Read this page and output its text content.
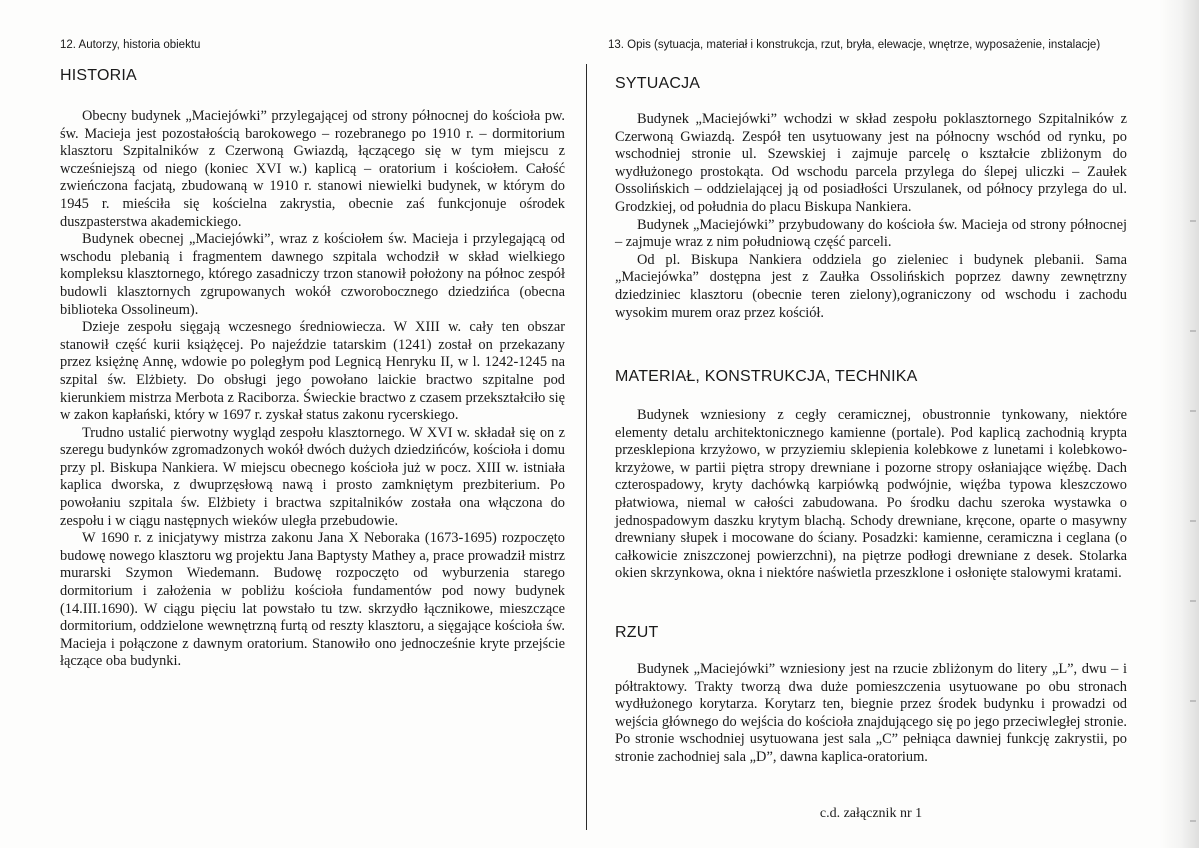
12. Autorzy, historia obiektu
HISTORIA

Obecny budynek „Maciejówki” przylegającej od strony północnej do kościoła pw. św. Macieja jest pozostałością barokowego – rozebranego po 1910 r. – dormitorium klasztoru Szpitalników z Czerwoną Gwiazdą, łączącego się w tym miejscu z wcześniejszą od niego (koniec XVI w.) kaplicą – oratorium i kościołem. Całość zwieńczona facjatą, zbudowaną w 1910 r. stanowi niewielki budynek, w którym do 1945 r. mieściła się kościelna zakrystia, obecnie zaś funkcjonuje ośrodek duszpasterstwa akademickiego.

Budynek obecnej „Maciejówki”, wraz z kościołem św. Macieja i przylegającą od wschodu plebanią i fragmentem dawnego szpitala wchodził w skład wielkiego kompleksu klasztornego, którego zasadniczy trzon stanowił położony na północ zespół budowli klasztornych zgrupowanych wokół czworobocznego dziedzińca (obecna biblioteka Ossolineum).

Dzieje zespołu sięgają wczesnego średniowiecza. W XIII w. cały ten obszar stanowił część kurii książęcej. Po najeździe tatarskim (1241) został on przekazany przez księżnę Annę, wdowie po poległym pod Legnicą Henryku II, w l. 1242-1245 na szpital św. Elżbiety. Do obsługi jego powołano laickie bractwo szpitalne pod kierunkiem mistrza Merbota z Raciborza. Świeckie bractwo z czasem przekształciło się w zakon kapłański, który w 1697 r. zyskał status zakonu rycerskiego.

Trudno ustalić pierwotny wygląd zespołu klasztornego. W XVI w. składał się on z szeregu budynków zgromadzonych wokół dwóch dużych dziedzińców, kościoła i domu przy pl. Biskupa Nankiera. W miejscu obecnego kościoła już w pocz. XIII w. istniała kaplica dworska, z dwuprzęsłową nawą i prosto zamkniętym prezbiterium. Po powołaniu szpitala św. Elżbiety i bractwa szpitalników została ona włączona do zespołu i w ciągu następnych wieków uległa przebudowie.

W 1690 r. z inicjatywy mistrza zakonu Jana X Neboraka (1673-1695) rozpoczęto budowę nowego klasztoru wg projektu Jana Baptysty Mathey a, prace prowadził mistrz murarski Szymon Wiedemann. Budowę rozpoczęto od wyburzenia starego dormitorium i założenia w pobliżu kościoła fundamentów pod nowy budynek (14.III.1690). W ciągu pięciu lat powstało tu tzw. skrzydło łącznikowe, mieszczące dormitorium, oddzielone wewnętrzną furtą od reszty klasztoru, a sięgające kościoła św. Macieja i połączone z dawnym oratorium. Stanowiło ono jednocześnie kryte przejście łączące oba budynki.

13. Opis (sytuacja, materiał i konstrukcja, rzut, bryła, elewacje, wnętrze, wyposażenie, instalacje)
SYTUACJA

Budynek „Maciejówki” wchodzi w skład zespołu poklasztornego Szpitalników z Czerwoną Gwiazdą. Zespół ten usytuowany jest na północny wschód od rynku, po wschodniej stronie ul. Szewskiej i zajmuje parcelę o kształcie zbliżonym do wydłużonego prostokąta. Od wschodu parcela przylega do ślepej uliczki – Zaułek Ossolińskich – oddzielającej ją od posiadłości Urszulanek, od północy przylega do ul. Grodzkiej, od południa do placu Biskupa Nankiera.

Budynek „Maciejówki” przybudowany do kościoła św. Macieja od strony północnej – zajmuje wraz z nim południową część parceli.

Od pl. Biskupa Nankiera oddziela go zieleniec i budynek plebanii. Sama „Maciejówka” dostępna jest z Zaułka Ossolińskich poprzez dawny zewnętrzny dziedziniec klasztoru (obecnie teren zielony),ograniczony od wschodu i zachodu wysokim murem oraz przez kościół.

MATERIAŁ, KONSTRUKCJA, TECHNIKA

Budynek wzniesiony z cegły ceramicznej, obustronnie tynkowany, niektóre elementy detalu architektonicznego kamienne (portale). Pod kaplicą zachodnią krypta przesklepiona krzyżowo, w przyziemiu sklepienia kolebkowe z lunetami i kolebkowo-krzyżowe, w partii piętra stropy drewniane i pozorne stropy osłaniające więźbę. Dach czterospadowy, kryty dachówką karpiówką podwójnie, więźba typowa kleszczowo płatwiowa, niemal w całości zabudowana. Po środku dachu szeroka wystawka o jednospadowym daszku krytym blachą. Schody drewniane, kręcone, oparte o masywny drewniany słupek i mocowane do ściany. Posadzki: kamienne, ceramiczna i ceglana (o całkowicie zniszczonej powierzchni), na piętrze podłogi drewniane z desek. Stolarka okien skrzynkowa, okna i niektóre naświetla przeszklone i osłonięte stalowymi kratami.

RZUT

Budynek „Maciejówki” wzniesiony jest na rzucie zbliżonym do litery „L”, dwu – i półtraktowy. Trakty tworzą dwa duże pomieszczenia usytuowane po obu stronach wydłużonego korytarza. Korytarz ten, biegnie przez środek budynku i prowadzi od wejścia głównego do wejścia do kościoła znajdującego się po jego przeciwległej stronie. Po stronie wschodniej usytuowana jest sala „C” pełniąca dawniej funkcję zakrystii, po stronie zachodniej sala „D”, dawna kaplica-oratorium.

c.d. załącznik nr 1
